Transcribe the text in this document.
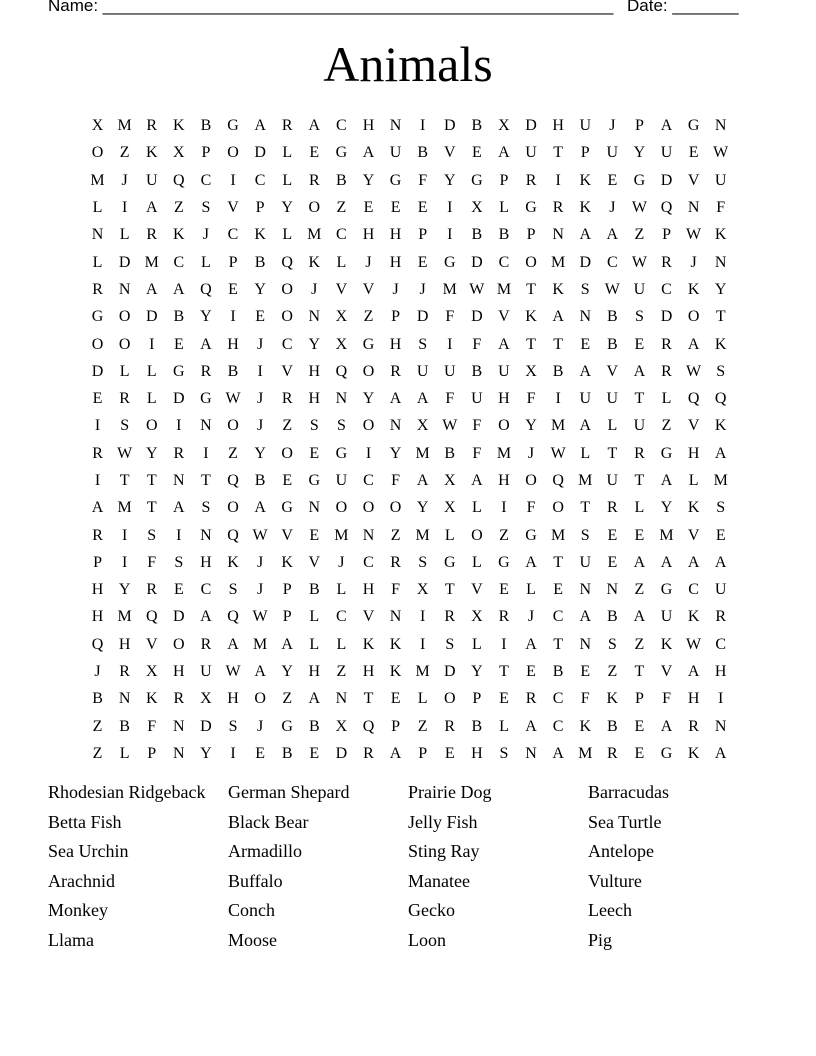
Name: ______________________________________________________ Date: _______
Animals
X M R K B G A R A C H N	I	D B X D H U	J	P	A G N
O	Z	K X	P	O D	L	E	G A U B V	E	A U	T	P	U Y U	E W
M	J	U Q C	I	C	L	R	B Y G	F	Y G	P	R	I	K	E	G D V U
L	I	A	Z	S	V	P	Y O	Z	E	E	E	I	X	L	G R K	J	W Q N	F
N	L	R K	J	C K	L M C H H	P	I	B	B	P	N A A	Z	P W K
L	D M C	L	P	B Q K	L	J	H	E	G D C O M D C W R	J	N
R N A A Q	E	Y O	J	V V	J	J	M W M T	K	S W U C K Y
G O D B Y	I	E	O N X	Z	P	D	F	D V K A N B	S	D O	T
O O	I	E	A H	J	C Y X G H	S	I	F	A	T	T	E	B	E	R A K
D	L	L	G R	B	I	V H Q O R U U B U X B A V A R W S
E	R	L	D G W	J	R H N Y A A	F	U H	F	I	U U	T	L	Q Q
I	S	O	I	N O	J	Z	S	S	O N X W F	O Y M A	L	U	Z	V K
R W Y R	I	Z	Y O	E	G	I	Y M B	F M	J	W L	T	R G H A
I	T	T	N	T	Q B	E	G U C	F	A X A H O Q M U	T	A	L M
A M T	A	S	O A G N O O O Y X	L	I	F	O	T	R	L	Y K	S
R	I	S	I	N Q W V	E M N	Z M L	O	Z	G M S	E	E M V	E
P	I	F	S	H K	J	K V	J	C	R	S	G	L	G A	T	U	E	A A A A
H Y R	E	C	S	J	P	B	L	H	F	X	T	V	E	L	E	N N	Z	G C U
H M Q D A Q W P	L	C V N	I	R X R	J	C A B A U K R
Q H V O R A M A	L	L	K K	I	S	L	I	A	T	N	S	Z	K W C
J	R X H U W A Y H	Z	H K M D Y	T	E	B	E	Z	T	V A H
B N K R X H O	Z	A N	T	E	L	O	P	E	R	C	F	K	P	F	H	I
Z	B	F	N D	S	J	G B X Q	P	Z	R	B	L	A C K B	E	A R N
Z	L	P	N Y	I	E	B	E	D R A	P	E	H	S	N A M R	E	G K A
Rhodesian Ridgeback	German Shepard	Prairie Dog	Barracudas
Betta Fish	Black Bear	Jelly Fish	Sea Turtle
Sea Urchin	Armadillo	Sting Ray	Antelope
Arachnid	Buffalo	Manatee	Vulture
Monkey	Conch	Gecko	Leech
Llama	Moose	Loon	Pig
